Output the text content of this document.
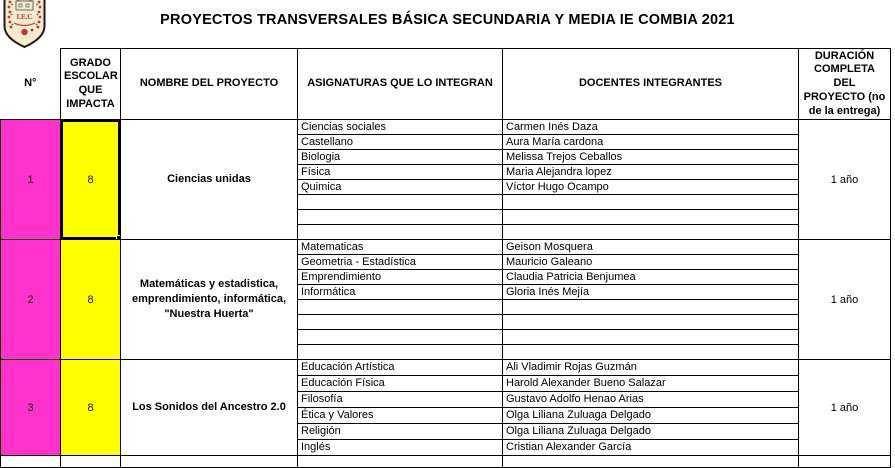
I.E.C	PROYECTOS TRANSVERSALES BÁSICA SECUNDARIA Y MEDIA IE COMBIA 2021
N°	GRADO ESCOLAR QUE IMPACTA	NOMBRE DEL PROYECTO	ASIGNATURAS QUE LO INTEGRAN	DOCENTES INTEGRANTES	DURACIÓN COMPLETA DEL PROYECTO (no de la entrega)
1	8	Ciencias unidas	Ciencias sociales	Carmen Inés Daza	1 año
			Castellano	Aura María cardona	
			Biologia	Melissa Trejos Ceballos	
			Física	Maria Alejandra lopez	
			Quimica	Víctor Hugo Ocampo	

2	8	Matemáticas y estadistica, emprendimiento, informática, "Nuestra Huerta"	Matematicas	Geison Mosquera	1 año
			Geometria - Estadística	Mauricio Galeano	
			Emprendimiento	Claudia Patricia Benjumea	
			Informática	Gloria Inés Mejía	

3	8	Los Sonidos del Ancestro 2.0	Educación Artística	Ali Vladimir Rojas Guzmán	1 año
			Educación Física	Harold Alexander Bueno Salazar	
			Filosofía	Gustavo Adolfo Henao Arias	
			Ética y Valores	Olga Liliana Zuluaga Delgado	
			Religión	Olga Liliana Zuluaga Delgado	
			Inglés	Cristian Alexander García	
